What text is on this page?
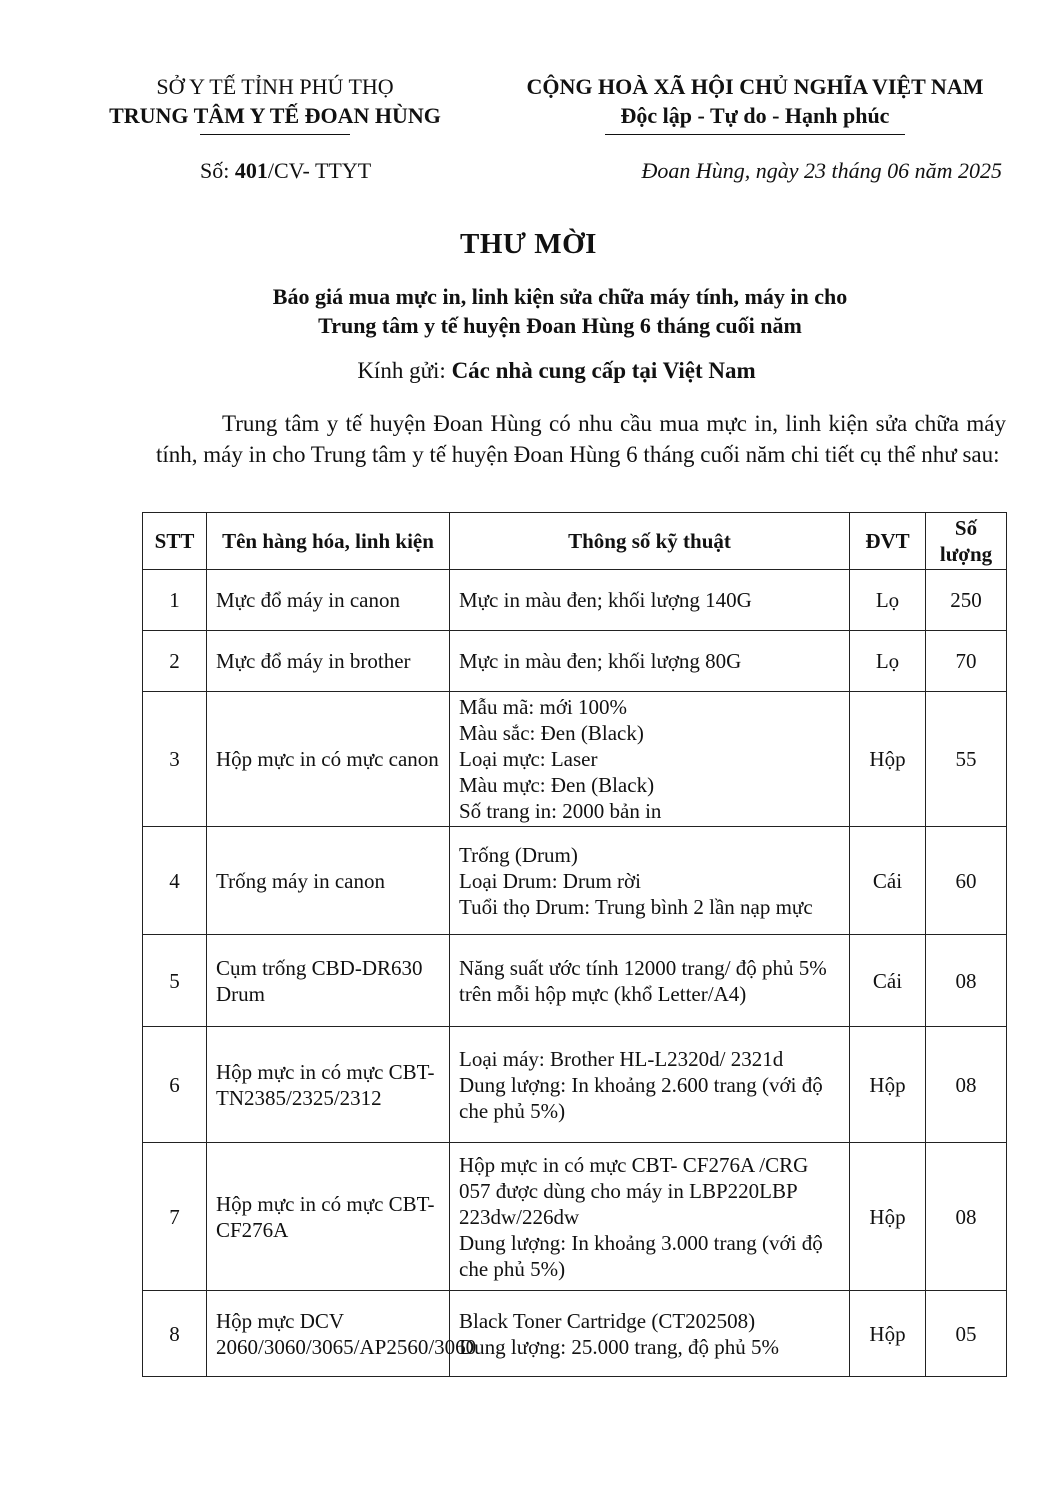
SỞ Y TẾ TỈNH PHÚ THỌ
TRUNG TÂM Y TẾ ĐOAN HÙNG
CỘNG HOÀ XÃ HỘI CHỦ NGHĨA VIỆT NAM
Độc lập - Tự do - Hạnh phúc
Số: 401/CV- TTYT	Đoan Hùng, ngày 23 tháng 06 năm 2025
THƯ MỜI
Báo giá mua mực in, linh kiện sửa chữa máy tính, máy in cho
Trung tâm y tế huyện Đoan Hùng 6 tháng cuối năm
Kính gửi: Các nhà cung cấp tại Việt Nam
Trung tâm y tế huyện Đoan Hùng có nhu cầu mua mực in, linh kiện sửa chữa máy tính, máy in cho Trung tâm y tế huyện Đoan Hùng 6 tháng cuối năm chi tiết cụ thể như sau:
STT	Tên hàng hóa, linh kiện	Thông số kỹ thuật	ĐVT	Số lượng
1	Mực đổ máy in canon	Mực in màu đen; khối lượng 140G	Lọ	250
2	Mực đổ máy in brother	Mực in màu đen; khối lượng 80G	Lọ	70
3	Hộp mực in có mực canon	Mẫu mã: mới 100%
Màu sắc: Đen (Black)
Loại mực: Laser
Màu mực: Đen (Black)
Số trang in: 2000 bản in	Hộp	55
4	Trống máy in canon	Trống (Drum)
Loại Drum: Drum rời
Tuổi thọ Drum: Trung bình 2 lần nạp mực	Cái	60
5	Cụm trống CBD-DR630 Drum	Năng suất ước tính 12000 trang/ độ phủ 5% trên mỗi hộp mực (khổ Letter/A4)	Cái	08
6	Hộp mực in có mực CBT-TN2385/2325/2312	Loại máy: Brother HL-L2320d/ 2321d
Dung lượng: In khoảng 2.600 trang (với độ che phủ 5%)	Hộp	08
7	Hộp mực in có mực CBT-CF276A	Hộp mực in có mực CBT- CF276A /CRG 057 được dùng cho máy in LBP220LBP 223dw/226dw
Dung lượng: In khoảng 3.000 trang (với độ che phủ 5%)	Hộp	08
8	Hộp mực DCV 2060/3060/3065/AP2560/3060	Black Toner Cartridge (CT202508)
Dung lượng: 25.000 trang, độ phủ 5%	Hộp	05
